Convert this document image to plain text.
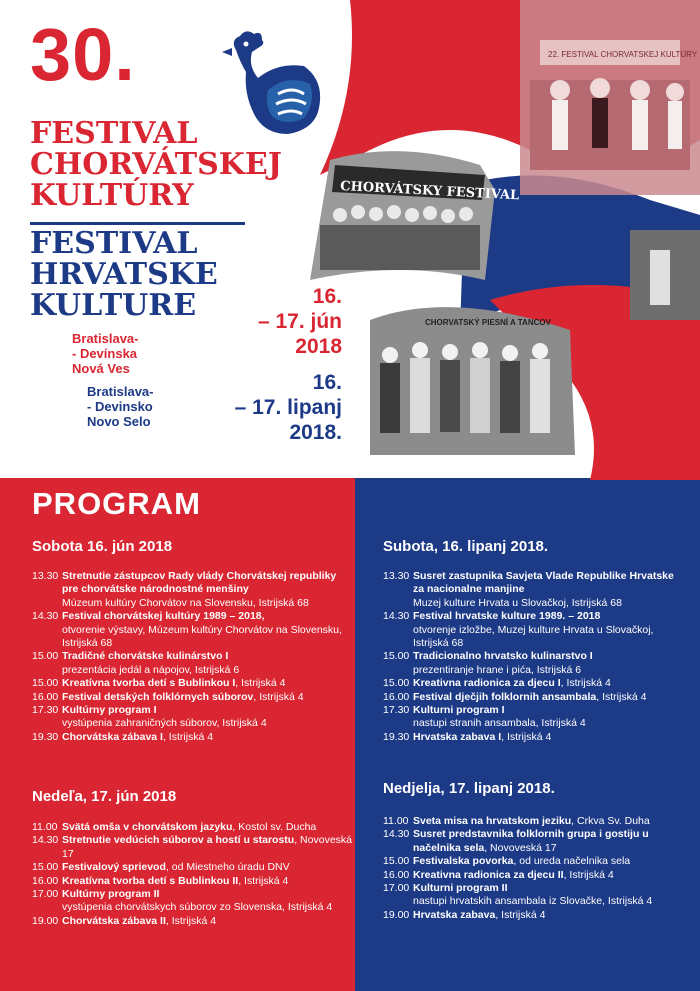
22. FESTIVAL CHORVATSKEJ KULTÚRY
CHORVÁTSKY FESTIVAL
CHORVATSKÝ PIESNÍ A TANCOV
30.
FESTIVAL
CHORVÁTSKEJ
KULTÚRY
FESTIVAL
HRVATSKE
KULTURE	16.
– 17. jún
2018
16.
– 17. lipanj
2018.
Bratislava-
- Devínska
Nová Ves
Bratislava-
- Devinsko
Novo Selo
PROGRAM
Sobota 16. jún 2018
13.30 Stretnutie zástupcov Rady vlády Chorvátskej republiky pre chorvátske národnostné menšiny
Múzeum kultúry Chorvátov na Slovensku, Istrijská 68
14.30 Festival chorvátskej kultúry 1989 – 2018,
otvorenie výstavy, Múzeum kultúry Chorvátov na Slovensku, Istrijská 68
15.00 Tradičné chorvátske kulinárstvo I
prezentácia jedál a nápojov, Istrijská 6
15.00 Kreatívna tvorba detí s Bublinkou I, Istrijská 4
16.00 Festival detských folklórnych súborov, Istrijská 4
17.30 Kultúrny program I
vystúpenia zahraničných súborov, Istrijská 4
19.30 Chorvátska zábava I, Istrijská 4
Nedeľa, 17. jún 2018
11.00 Svätá omša v chorvátskom jazyku, Kostol sv. Ducha
14.30 Stretnutie vedúcich súborov a hostí u starostu, Novoveská 17
15.00 Festivalový sprievod, od Miestneho úradu DNV
16.00 Kreatívna tvorba detí s Bublinkou II, Istrijská 4
17.00 Kultúrny program II
vystúpenia chorvátskych súborov zo Slovenska, Istrijská 4
19.00 Chorvátska zábava II, Istrijská 4
Subota, 16. lipanj 2018.
13.30 Susret zastupnika Savjeta Vlade Republike Hrvatske za nacionalne manjine
Muzej kulture Hrvata u Slovačkoj, Istrijská 68
14.30 Festival hrvatske kulture 1989. – 2018
otvorenje izložbe, Muzej kulture Hrvata u Slovačkoj, Istrijská 68
15.00 Tradicionalno hrvatsko kulinarstvo I
prezentiranje hrane i pića, Istrijská 6
15.00 Kreativna radionica za djecu I, Istrijská 4
16.00 Festival dječjih folklornih ansambala, Istrijská 4
17.30 Kulturni program I
nastupi stranih ansambala, Istrijská 4
19.30 Hrvatska zabava I, Istrijská 4
Nedjelja, 17. lipanj 2018.
11.00 Sveta misa na hrvatskom jeziku, Crkva Sv. Duha
14.30 Susret predstavnika folklornih grupa i gostiju u načelnika sela, Novoveská 17
15.00 Festivalska povorka, od ureda načelnika sela
16.00 Kreativna radionica za djecu II, Istrijská 4
17.00 Kulturni program II
nastupi hrvatskih ansambala iz Slovačke, Istrijská 4
19.00 Hrvatska zabava, Istrijská 4
